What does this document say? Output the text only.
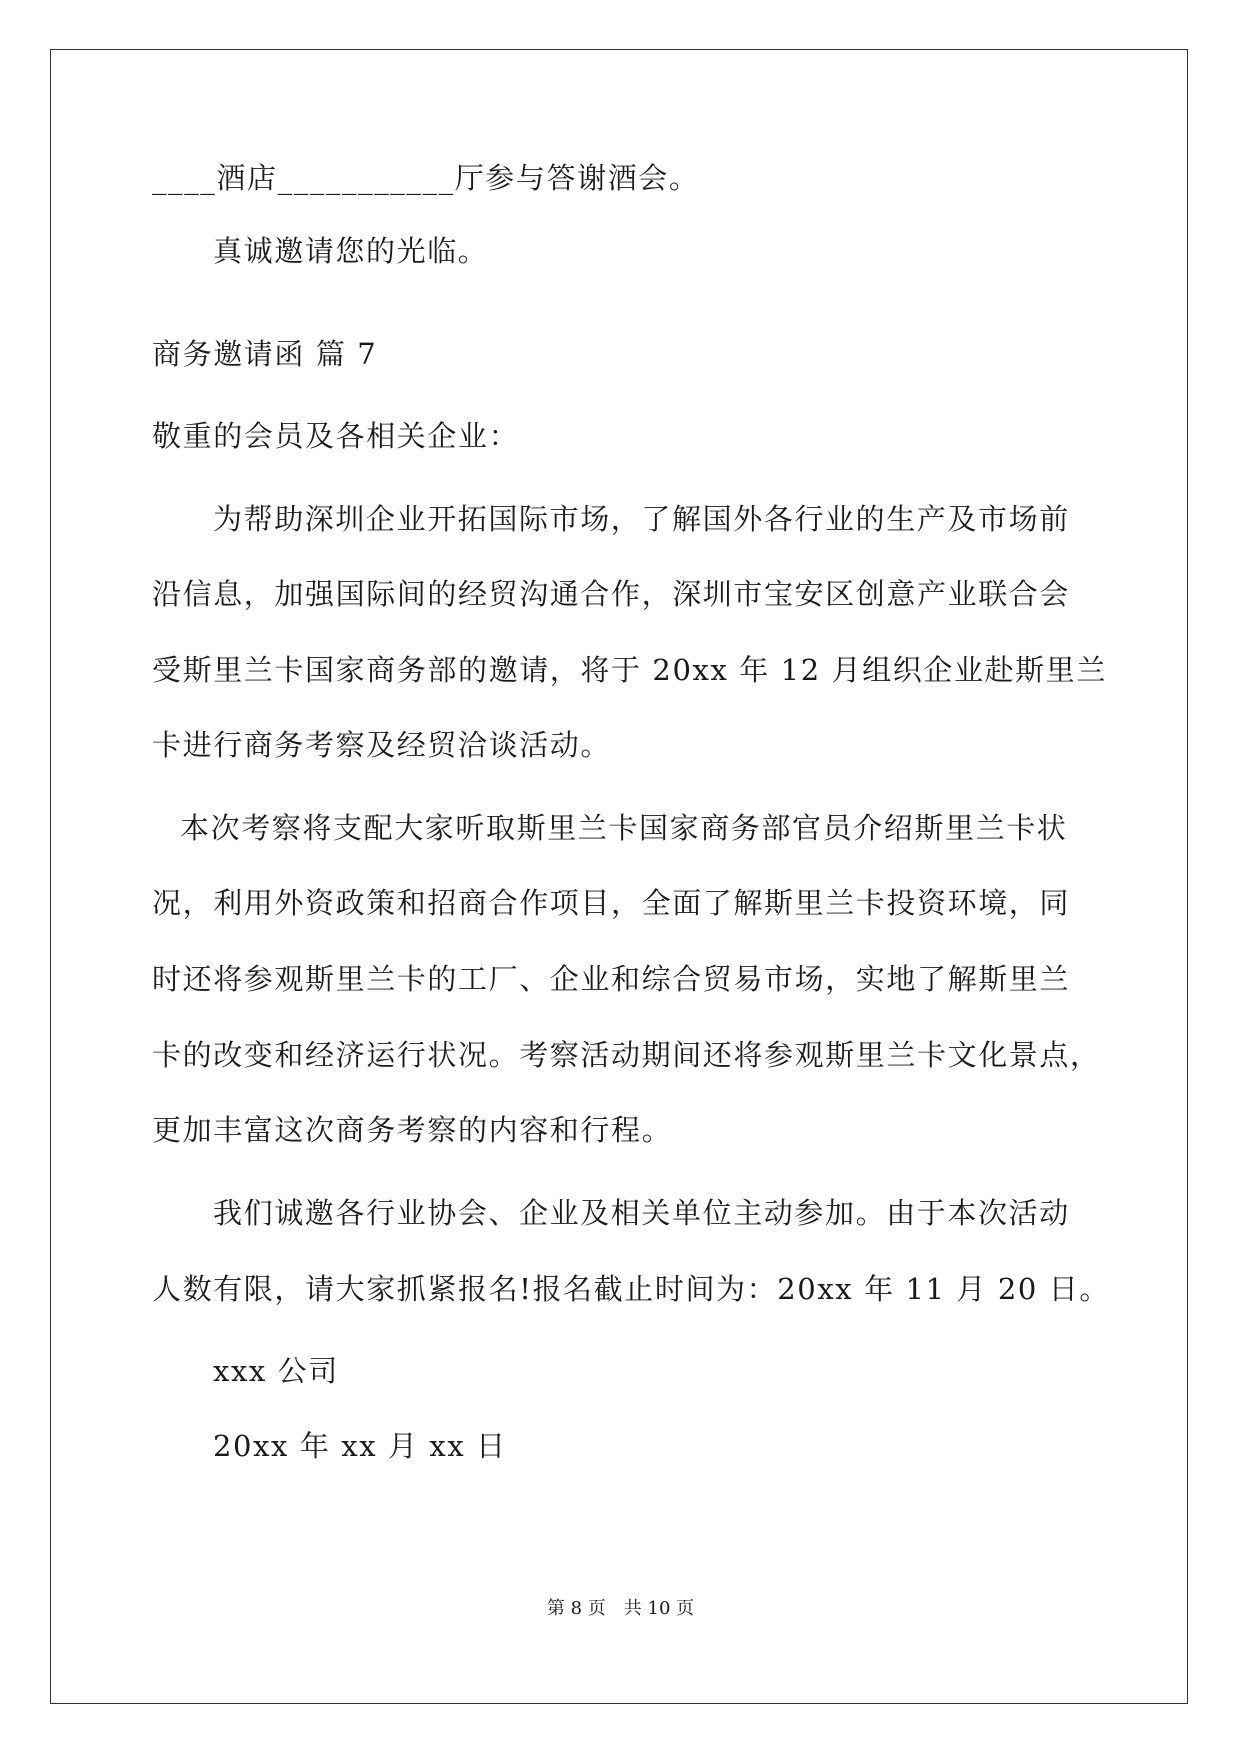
____酒店___________厅参与答谢酒会。
真诚邀请您的光临。
商务邀请函 篇 7
敬重的会员及各相关企业：
为帮助深圳企业开拓国际市场，了解国外各行业的生产及市场前
沿信息，加强国际间的经贸沟通合作，深圳市宝安区创意产业联合会
受斯里兰卡国家商务部的邀请，将于 20xx 年 12 月组织企业赴斯里兰
卡进行商务考察及经贸洽谈活动。
本次考察将支配大家听取斯里兰卡国家商务部官员介绍斯里兰卡状
况，利用外资政策和招商合作项目，全面了解斯里兰卡投资环境，同
时还将参观斯里兰卡的工厂、企业和综合贸易市场，实地了解斯里兰
卡的改变和经济运行状况。考察活动期间还将参观斯里兰卡文化景点，
更加丰富这次商务考察的内容和行程。
我们诚邀各行业协会、企业及相关单位主动参加。由于本次活动
人数有限，请大家抓紧报名!报名截止时间为：20xx 年 11 月 20 日。
xxx 公司
20xx 年 xx 月 xx 日
第 8 页 共 10 页
